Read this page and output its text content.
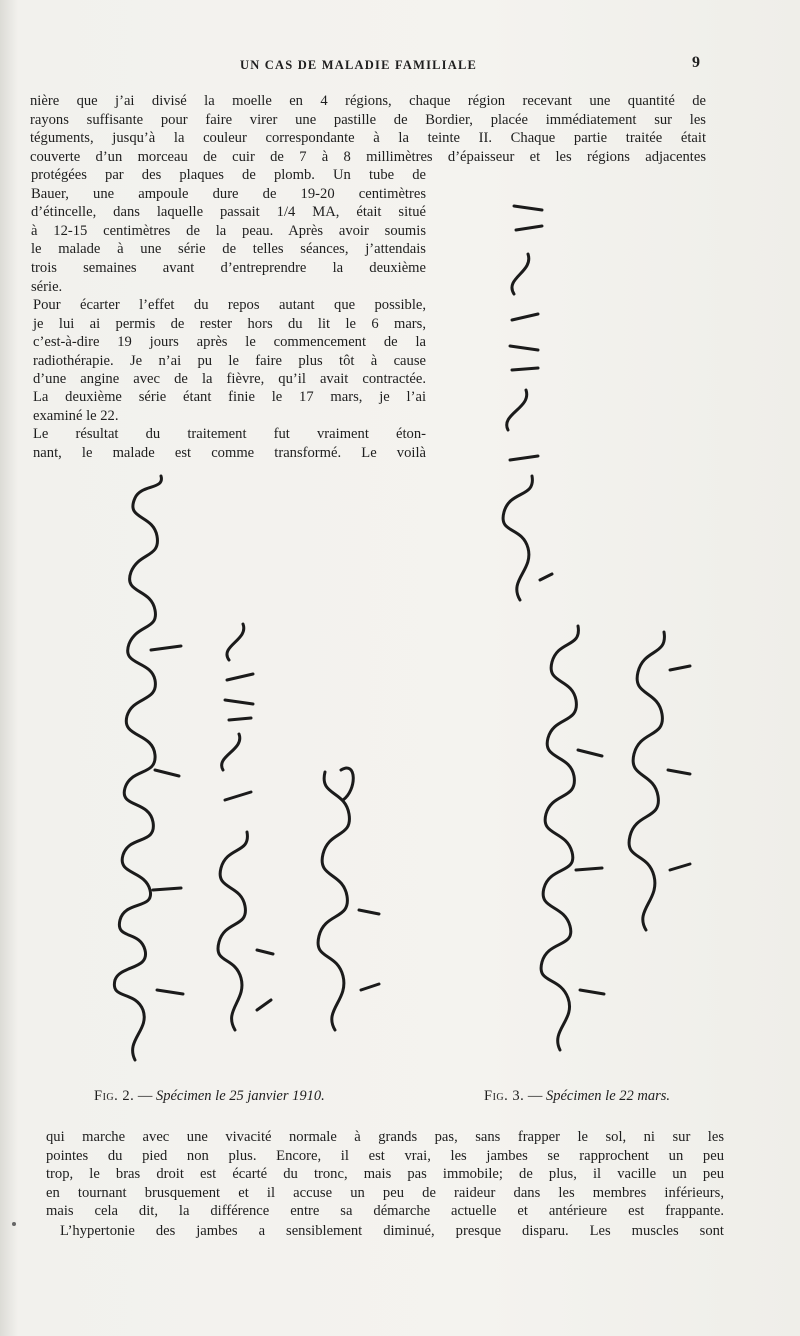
UN CAS DE MALADIE FAMILIALE	9
nière que j’ai divisé la moelle en 4 régions, chaque région recevant une quantité de
rayons suffisante pour faire virer une pastille de Bordier, placée immédiatement sur les
téguments, jusqu’à la couleur correspondante à la teinte II. Chaque partie traitée était
couverte d’un morceau de cuir de 7 à 8 millimètres d’épaisseur et les régions adjacentes
protégées par des plaques de plomb. Un tube de
Bauer, une ampoule dure de 19-20 centimètres
d’étincelle, dans laquelle passait 1/4 MA, était situé
à 12-15 centimètres de la peau. Après avoir soumis
le malade à une série de telles séances, j’attendais
trois semaines avant d’entreprendre la deuxième
série.
Pour écarter l’effet du repos autant que possible,
je lui ai permis de rester hors du lit le 6 mars,
c’est-à-dire 19 jours après le commencement de la
radiothérapie. Je n’ai pu le faire plus tôt à cause
d’une angine avec de la fièvre, qu’il avait contractée.
La deuxième série étant finie le 17 mars, je l’ai
examiné le 22.
Le résultat du traitement fut vraiment éton-
nant, le malade est comme transformé. Le voilà
Fig. 2. — Spécimen le 25 janvier 1910.	Fig. 3. — Spécimen le 22 mars.
qui marche avec une vivacité normale à grands pas, sans frapper le sol, ni sur les
pointes du pied non plus. Encore, il est vrai, les jambes se rapprochent un peu
trop, le bras droit est écarté du tronc, mais pas immobile; de plus, il vacille un peu
en tournant brusquement et il accuse un peu de raideur dans les membres inférieurs,
mais cela dit, la différence entre sa démarche actuelle et antérieure est frappante.
L’hypertonie des jambes a sensiblement diminué, presque disparu. Les muscles sont
